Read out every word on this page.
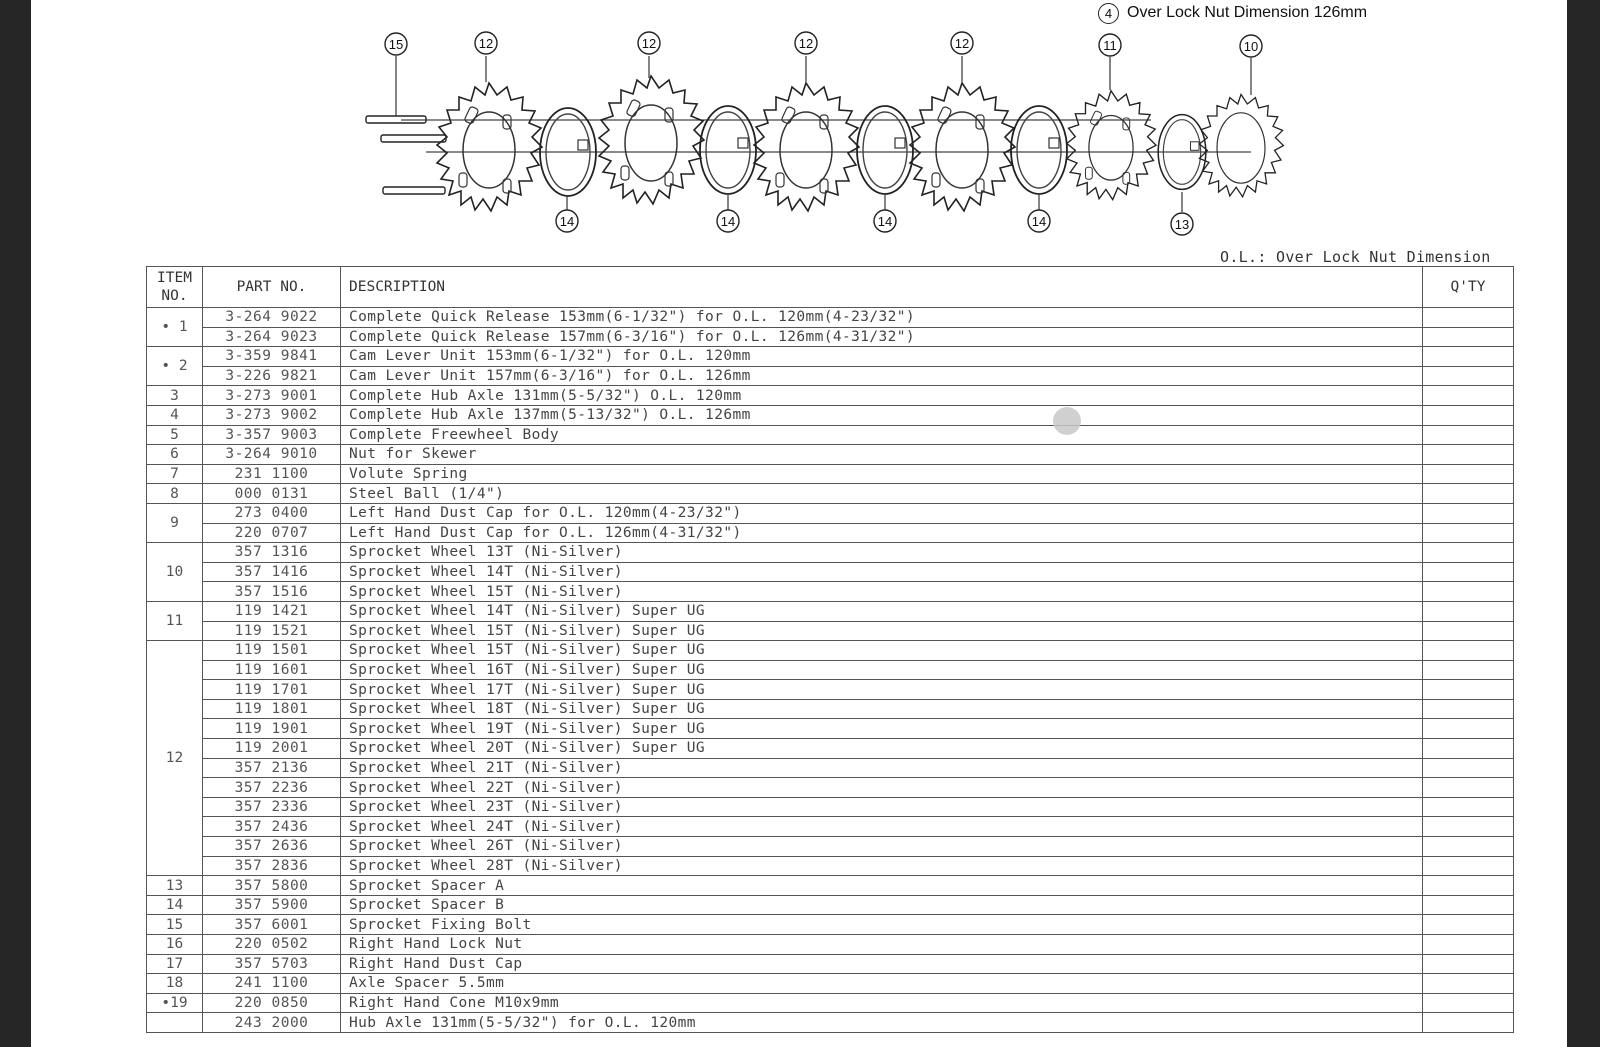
4 Over Lock Nut Dimension 126mm
15	12	12	12	12	11	10
14	14	14	14	13
O.L.: Over Lock Nut Dimension
ITEM
NO.	PART NO.	DESCRIPTION	Q'TY
• 1	3-264 9022	Complete Quick Release 153mm(6-1/32") for O.L. 120mm(4-23/32")	
	3-264 9023	Complete Quick Release 157mm(6-3/16") for O.L. 126mm(4-31/32")	
• 2	3-359 9841	Cam Lever Unit 153mm(6-1/32") for O.L. 120mm	
	3-226 9821	Cam Lever Unit 157mm(6-3/16") for O.L. 126mm	
3	3-273 9001	Complete Hub Axle 131mm(5-5/32") O.L. 120mm	
4	3-273 9002	Complete Hub Axle 137mm(5-13/32") O.L. 126mm	
5	3-357 9003	Complete Freewheel Body	
6	3-264 9010	Nut for Skewer	
7	231 1100	Volute Spring	
8	000 0131	Steel Ball (1/4")	
9	273 0400	Left Hand Dust Cap for O.L. 120mm(4-23/32")	
	220 0707	Left Hand Dust Cap for O.L. 126mm(4-31/32")	
10	357 1316	Sprocket Wheel 13T (Ni-Silver)	
	357 1416	Sprocket Wheel 14T (Ni-Silver)	
	357 1516	Sprocket Wheel 15T (Ni-Silver)	
11	119 1421	Sprocket Wheel 14T (Ni-Silver) Super UG	
	119 1521	Sprocket Wheel 15T (Ni-Silver) Super UG	
12	119 1501	Sprocket Wheel 15T (Ni-Silver) Super UG	
	119 1601	Sprocket Wheel 16T (Ni-Silver) Super UG	
	119 1701	Sprocket Wheel 17T (Ni-Silver) Super UG	
	119 1801	Sprocket Wheel 18T (Ni-Silver) Super UG	
	119 1901	Sprocket Wheel 19T (Ni-Silver) Super UG	
	119 2001	Sprocket Wheel 20T (Ni-Silver) Super UG	
	357 2136	Sprocket Wheel 21T (Ni-Silver)	
	357 2236	Sprocket Wheel 22T (Ni-Silver)	
	357 2336	Sprocket Wheel 23T (Ni-Silver)	
	357 2436	Sprocket Wheel 24T (Ni-Silver)	
	357 2636	Sprocket Wheel 26T (Ni-Silver)	
	357 2836	Sprocket Wheel 28T (Ni-Silver)	
13	357 5800	Sprocket Spacer A	
14	357 5900	Sprocket Spacer B	
15	357 6001	Sprocket Fixing Bolt	
16	220 0502	Right Hand Lock Nut	
17	357 5703	Right Hand Dust Cap	
18	241 1100	Axle Spacer 5.5mm	
•19	220 0850	Right Hand Cone M10x9mm	
	243 2000	Hub Axle 131mm(5-5/32") for O.L. 120mm	
